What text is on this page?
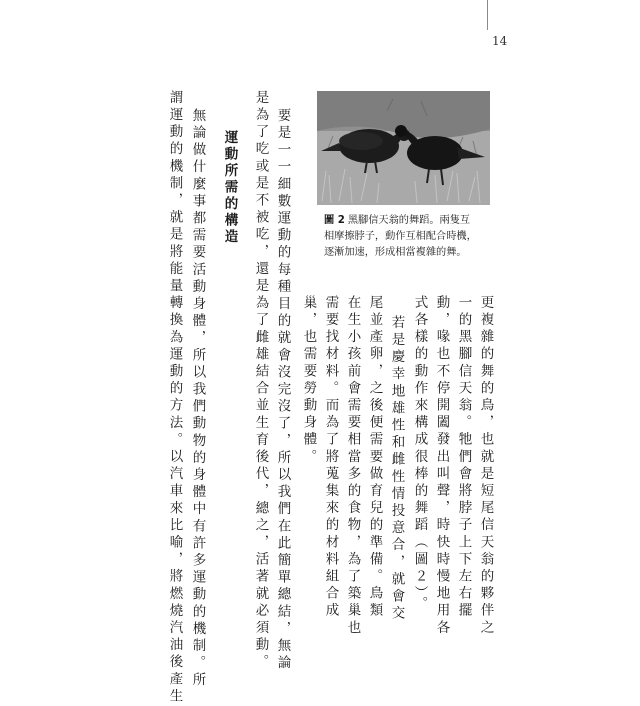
14
圖 2 黑腳信天翁的舞蹈。兩隻互
相摩擦脖子，動作互相配合時機，
逐漸加速，形成相當複雜的舞。
更複雜的舞的鳥，也就是短尾信天翁的夥伴之
一的黑腳信天翁。牠們會將脖子上下左右擺
動，喙也不停開闔發出叫聲，時快時慢地用各
式各樣的動作來構成很棒的舞蹈（圖２）。
若是慶幸地雄性和雌性情投意合，就會交
尾並產卵，之後便需要做育兒的準備。鳥類
在生小孩前會需要相當多的食物，為了築巢也
需要找材料。而為了將蒐集來的材料組合成
巢，也需要勞動身體。
要是一一細數運動的每種目的就會沒完沒了，所以我們在此簡單總結，無論
是為了吃或是不被吃，還是為了雌雄結合並生育後代，總之，活著就必須動。
運動所需的構造
無論做什麼事都需要活動身體，所以我們動物的身體中有許多運動的機制。所
謂運動的機制，就是將能量轉換為運動的方法。以汽車來比喻，將燃燒汽油後產生
